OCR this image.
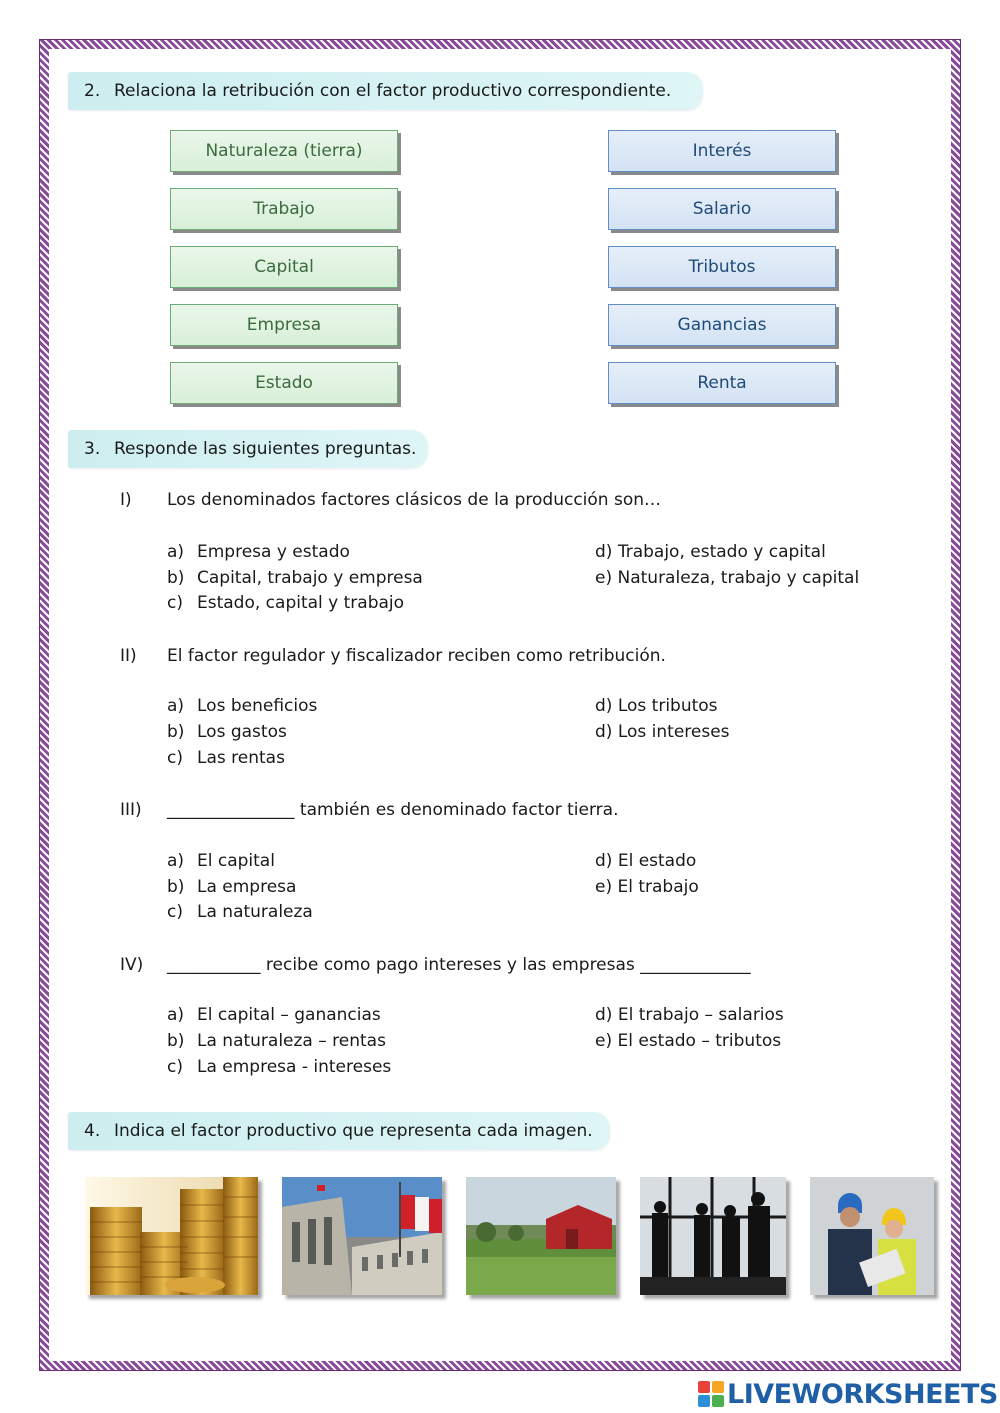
2. Relaciona la retribución con el factor productivo correspondiente.
Naturaleza (tierra)
Trabajo
Capital
Empresa
Estado
Interés
Salario
Tributos
Ganancias
Renta
3. Responde las siguientes preguntas.
I) Los denominados factores clásicos de la producción son…
a) Empresa y estado
b) Capital, trabajo y empresa
c) Estado, capital y trabajo
d) Trabajo, estado y capital
e) Naturaleza, trabajo y capital
II) El factor regulador y fiscalizador reciben como retribución.
a) Los beneficios
b) Los gastos
c) Las rentas
d) Los tributos
d) Los intereses
III) _______________ también es denominado factor tierra.
a) El capital
b) La empresa
c) La naturaleza
d) El estado
e) El trabajo
IV) ___________ recibe como pago intereses y las empresas _____________
a) El capital – ganancias
b) La naturaleza – rentas
c) La empresa - intereses
d) El trabajo – salarios
e) El estado – tributos
4. Indica el factor productivo que representa cada imagen.
LIVEWORKSHEETS
